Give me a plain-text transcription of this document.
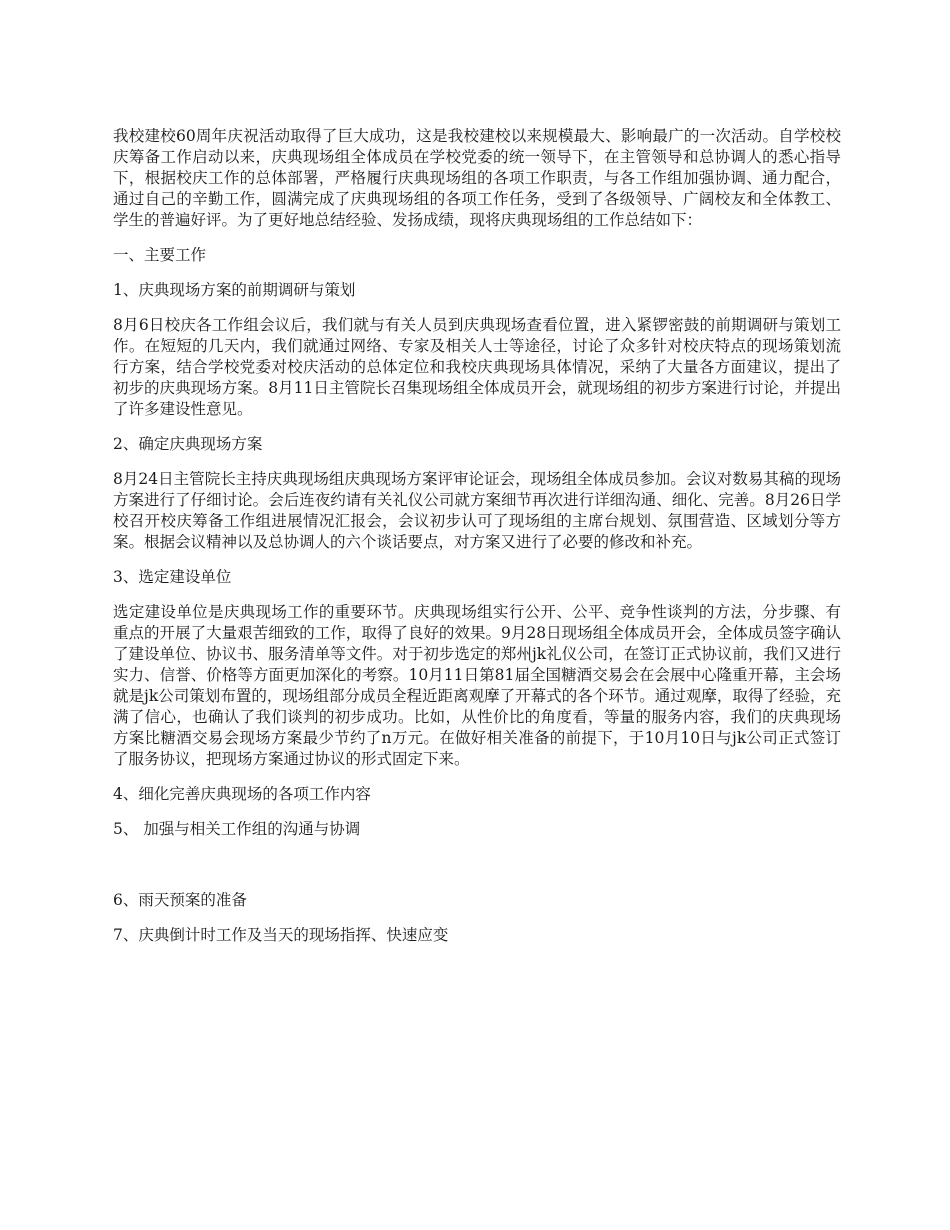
我校建校60周年庆祝活动取得了巨大成功，这是我校建校以来规模最大、影响最广的一次活动。自学校校庆筹备工作启动以来，庆典现场组全体成员在学校党委的统一领导下，在主管领导和总协调人的悉心指导下，根据校庆工作的总体部署，严格履行庆典现场组的各项工作职责，与各工作组加强协调、通力配合，通过自己的辛勤工作，圆满完成了庆典现场组的各项工作任务，受到了各级领导、广阔校友和全体教工、学生的普遍好评。为了更好地总结经验、发扬成绩，现将庆典现场组的工作总结如下：

一、主要工作

1、庆典现场方案的前期调研与策划

8月6日校庆各工作组会议后，我们就与有关人员到庆典现场查看位置，进入紧锣密鼓的前期调研与策划工作。在短短的几天内，我们就通过网络、专家及相关人士等途径，讨论了众多针对校庆特点的现场策划流行方案，结合学校党委对校庆活动的总体定位和我校庆典现场具体情况，采纳了大量各方面建议，提出了初步的庆典现场方案。8月11日主管院长召集现场组全体成员开会，就现场组的初步方案进行讨论，并提出了许多建设性意见。

2、确定庆典现场方案

8月24日主管院长主持庆典现场组庆典现场方案评审论证会，现场组全体成员参加。会议对数易其稿的现场方案进行了仔细讨论。会后连夜约请有关礼仪公司就方案细节再次进行详细沟通、细化、完善。8月26日学校召开校庆筹备工作组进展情况汇报会，会议初步认可了现场组的主席台规划、氛围营造、区域划分等方案。根据会议精神以及总协调人的六个谈话要点，对方案又进行了必要的修改和补充。

3、选定建设单位

选定建设单位是庆典现场工作的重要环节。庆典现场组实行公开、公平、竞争性谈判的方法，分步骤、有重点的开展了大量艰苦细致的工作，取得了良好的效果。9月28日现场组全体成员开会，全体成员签字确认了建设单位、协议书、服务清单等文件。对于初步选定的郑州jk礼仪公司，在签订正式协议前，我们又进行实力、信誉、价格等方面更加深化的考察。10月11日第81届全国糖酒交易会在会展中心隆重开幕，主会场就是jk公司策划布置的，现场组部分成员全程近距离观摩了开幕式的各个环节。通过观摩，取得了经验，充满了信心，也确认了我们谈判的初步成功。比如，从性价比的角度看，等量的服务内容，我们的庆典现场方案比糖酒交易会现场方案最少节约了n万元。在做好相关准备的前提下，于10月10日与jk公司正式签订了服务协议，把现场方案通过协议的形式固定下来。

4、细化完善庆典现场的各项工作内容

5、 加强与相关工作组的沟通与协调

6、雨天预案的准备

7、庆典倒计时工作及当天的现场指挥、快速应变
